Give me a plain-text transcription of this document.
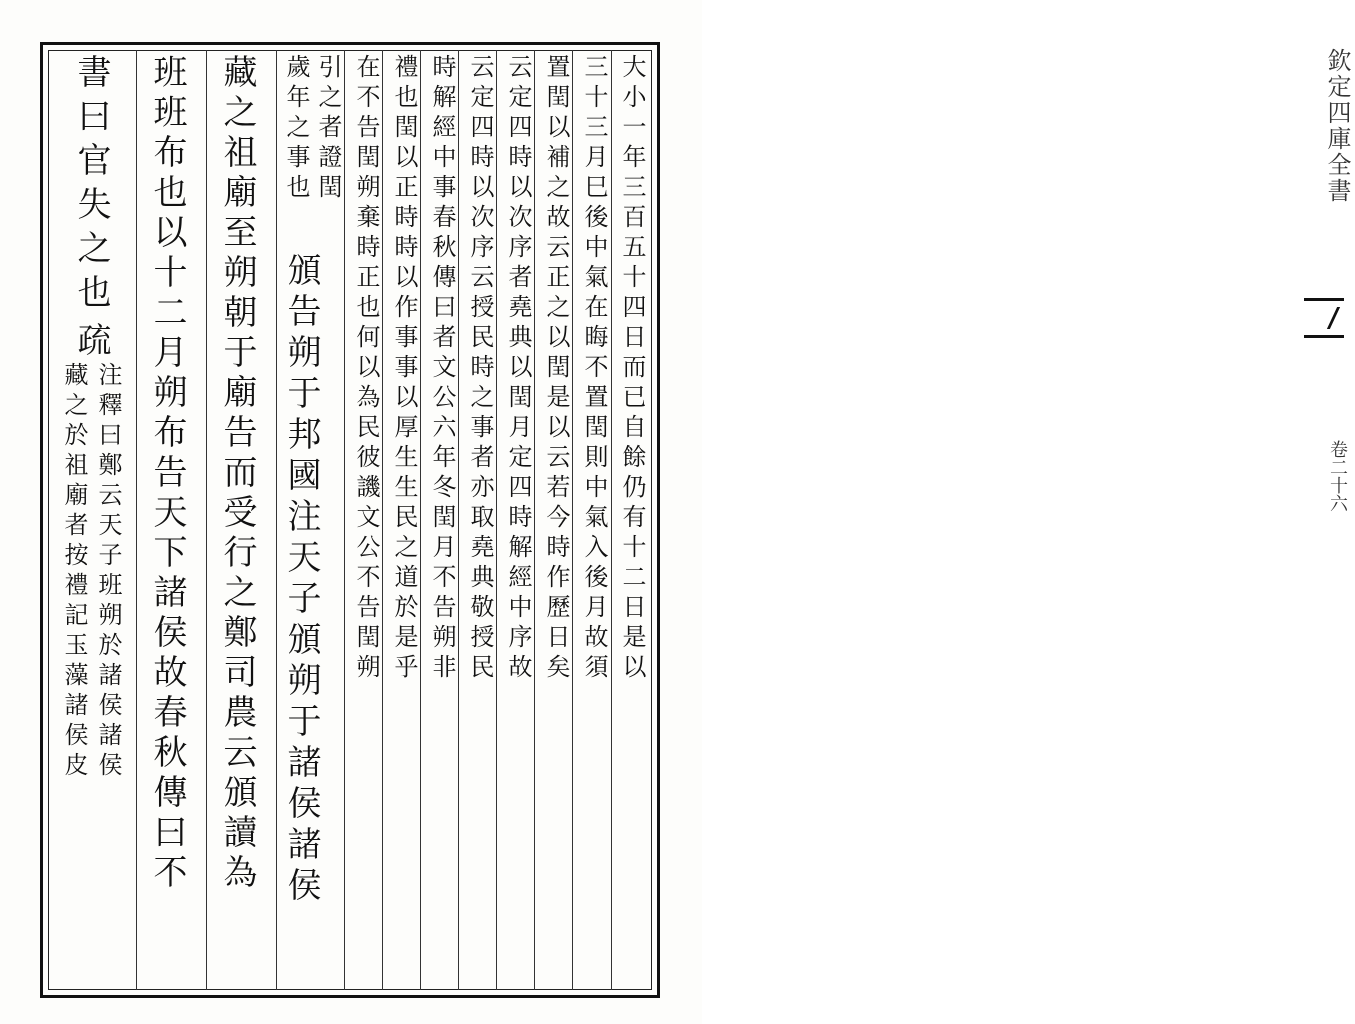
欽定四庫全書
卷二十六
大小一年三百五十四日而已自餘仍有十二日是以
三十三月巳後中氣在晦不置閏則中氣入後月故須
置閏以補之故云正之以閏是以云若今時作歷日矣
云定四時以次序者堯典以閏月定四時解經中序故
云定四時以次序云授民時之事者亦取堯典敬授民
時解經中事春秋傳曰者文公六年冬閏月不告朔非
禮也閏以正時時以作事事以厚生生民之道於是乎
在不告閏朔棄時正也何以為民彼譏文公不告閏朔
引之者證閏
歲年之事也
頒告朔于邦國注天子頒朔于諸侯諸侯
藏之祖廟至朔朝于廟告而受行之鄭司農云頒讀為
班班布也以十二月朔布告天下諸侯故春秋傳曰不
書曰官失之也
疏
注釋曰鄭云天子班朔於諸侯諸侯
藏之於祖廟者按禮記玉藻諸侯皮
